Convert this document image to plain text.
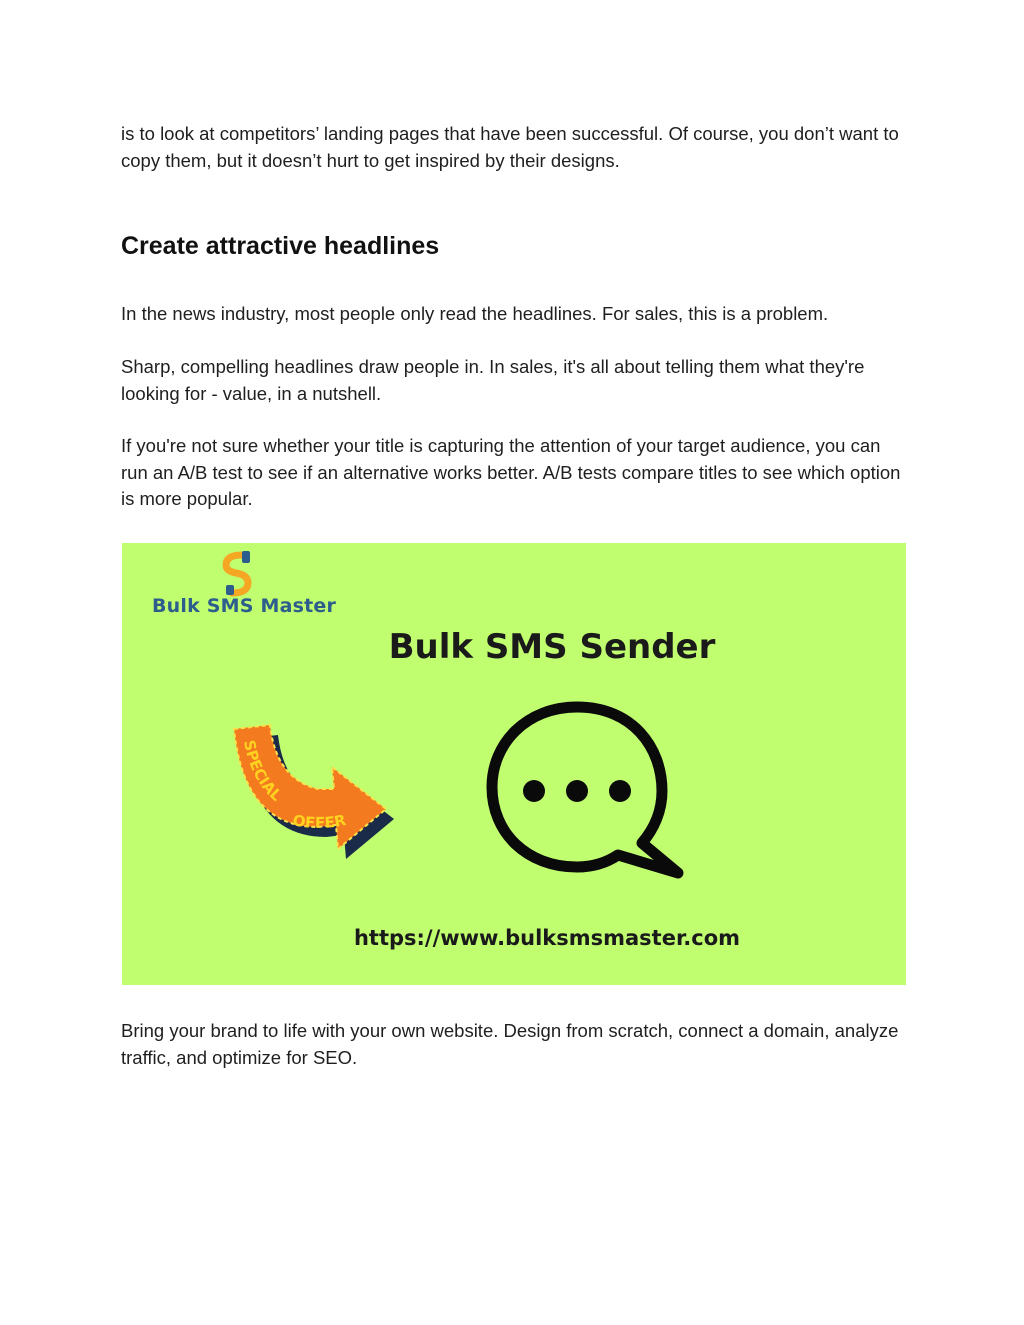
is to look at competitors’ landing pages that have been successful. Of course, you don’t want to copy them, but it doesn’t hurt to get inspired by their designs.

Create attractive headlines

In the news industry, most people only read the headlines. For sales, this is a problem.

Sharp, compelling headlines draw people in. In sales, it's all about telling them what they're looking for - value, in a nutshell.

If you're not sure whether your title is capturing the attention of your target audience, you can run an A/B test to see if an alternative works better. A/B tests compare titles to see which option is more popular.

Bulk SMS Master
Bulk SMS Sender
SPECIAL
OFFER
https://www.bulksmsmaster.com

Bring your brand to life with your own website. Design from scratch, connect a domain, analyze traffic, and optimize for SEO.
